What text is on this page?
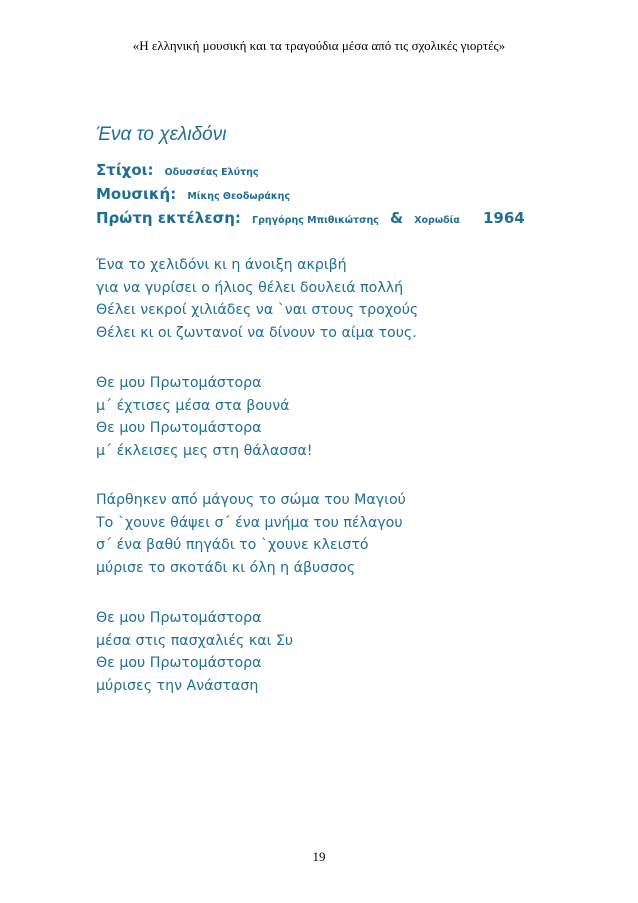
«Η ελληνική μουσική και τα τραγούδια μέσα από τις σχολικές γιορτές»
Ένα το χελιδόνι
Στίχοι: Οδυσσέας Ελύτης
Μουσική: Μίκης Θεοδωράκης
Πρώτη εκτέλεση: Γρηγόρης Μπιθικώτσης & Χορωδία 1964
Ένα το χελιδόνι κι η άνοιξη ακριβή
για να γυρίσει ο ήλιος θέλει δουλειά πολλή
Θέλει νεκροί χιλιάδες να `ναι στους τροχούς
Θέλει κι οι ζωντανοί να δίνουν το αίμα τους.
Θε μου Πρωτομάστορα
μ΄ έχτισες μέσα στα βουνά
Θε μου Πρωτομάστορα
μ΄ έκλεισες μες στη θάλασσα!
Πάρθηκεν από μάγους το σώμα του Μαγιού
Το `χουνε θάψει σ΄ ένα μνήμα του πέλαγου
σ΄ ένα βαθύ πηγάδι το `χουνε κλειστό
μύρισε το σκοτάδι κι όλη η άβυσσος
Θε μου Πρωτομάστορα
μέσα στις πασχαλιές και Συ
Θε μου Πρωτομάστορα
μύρισες την Ανάσταση
19
